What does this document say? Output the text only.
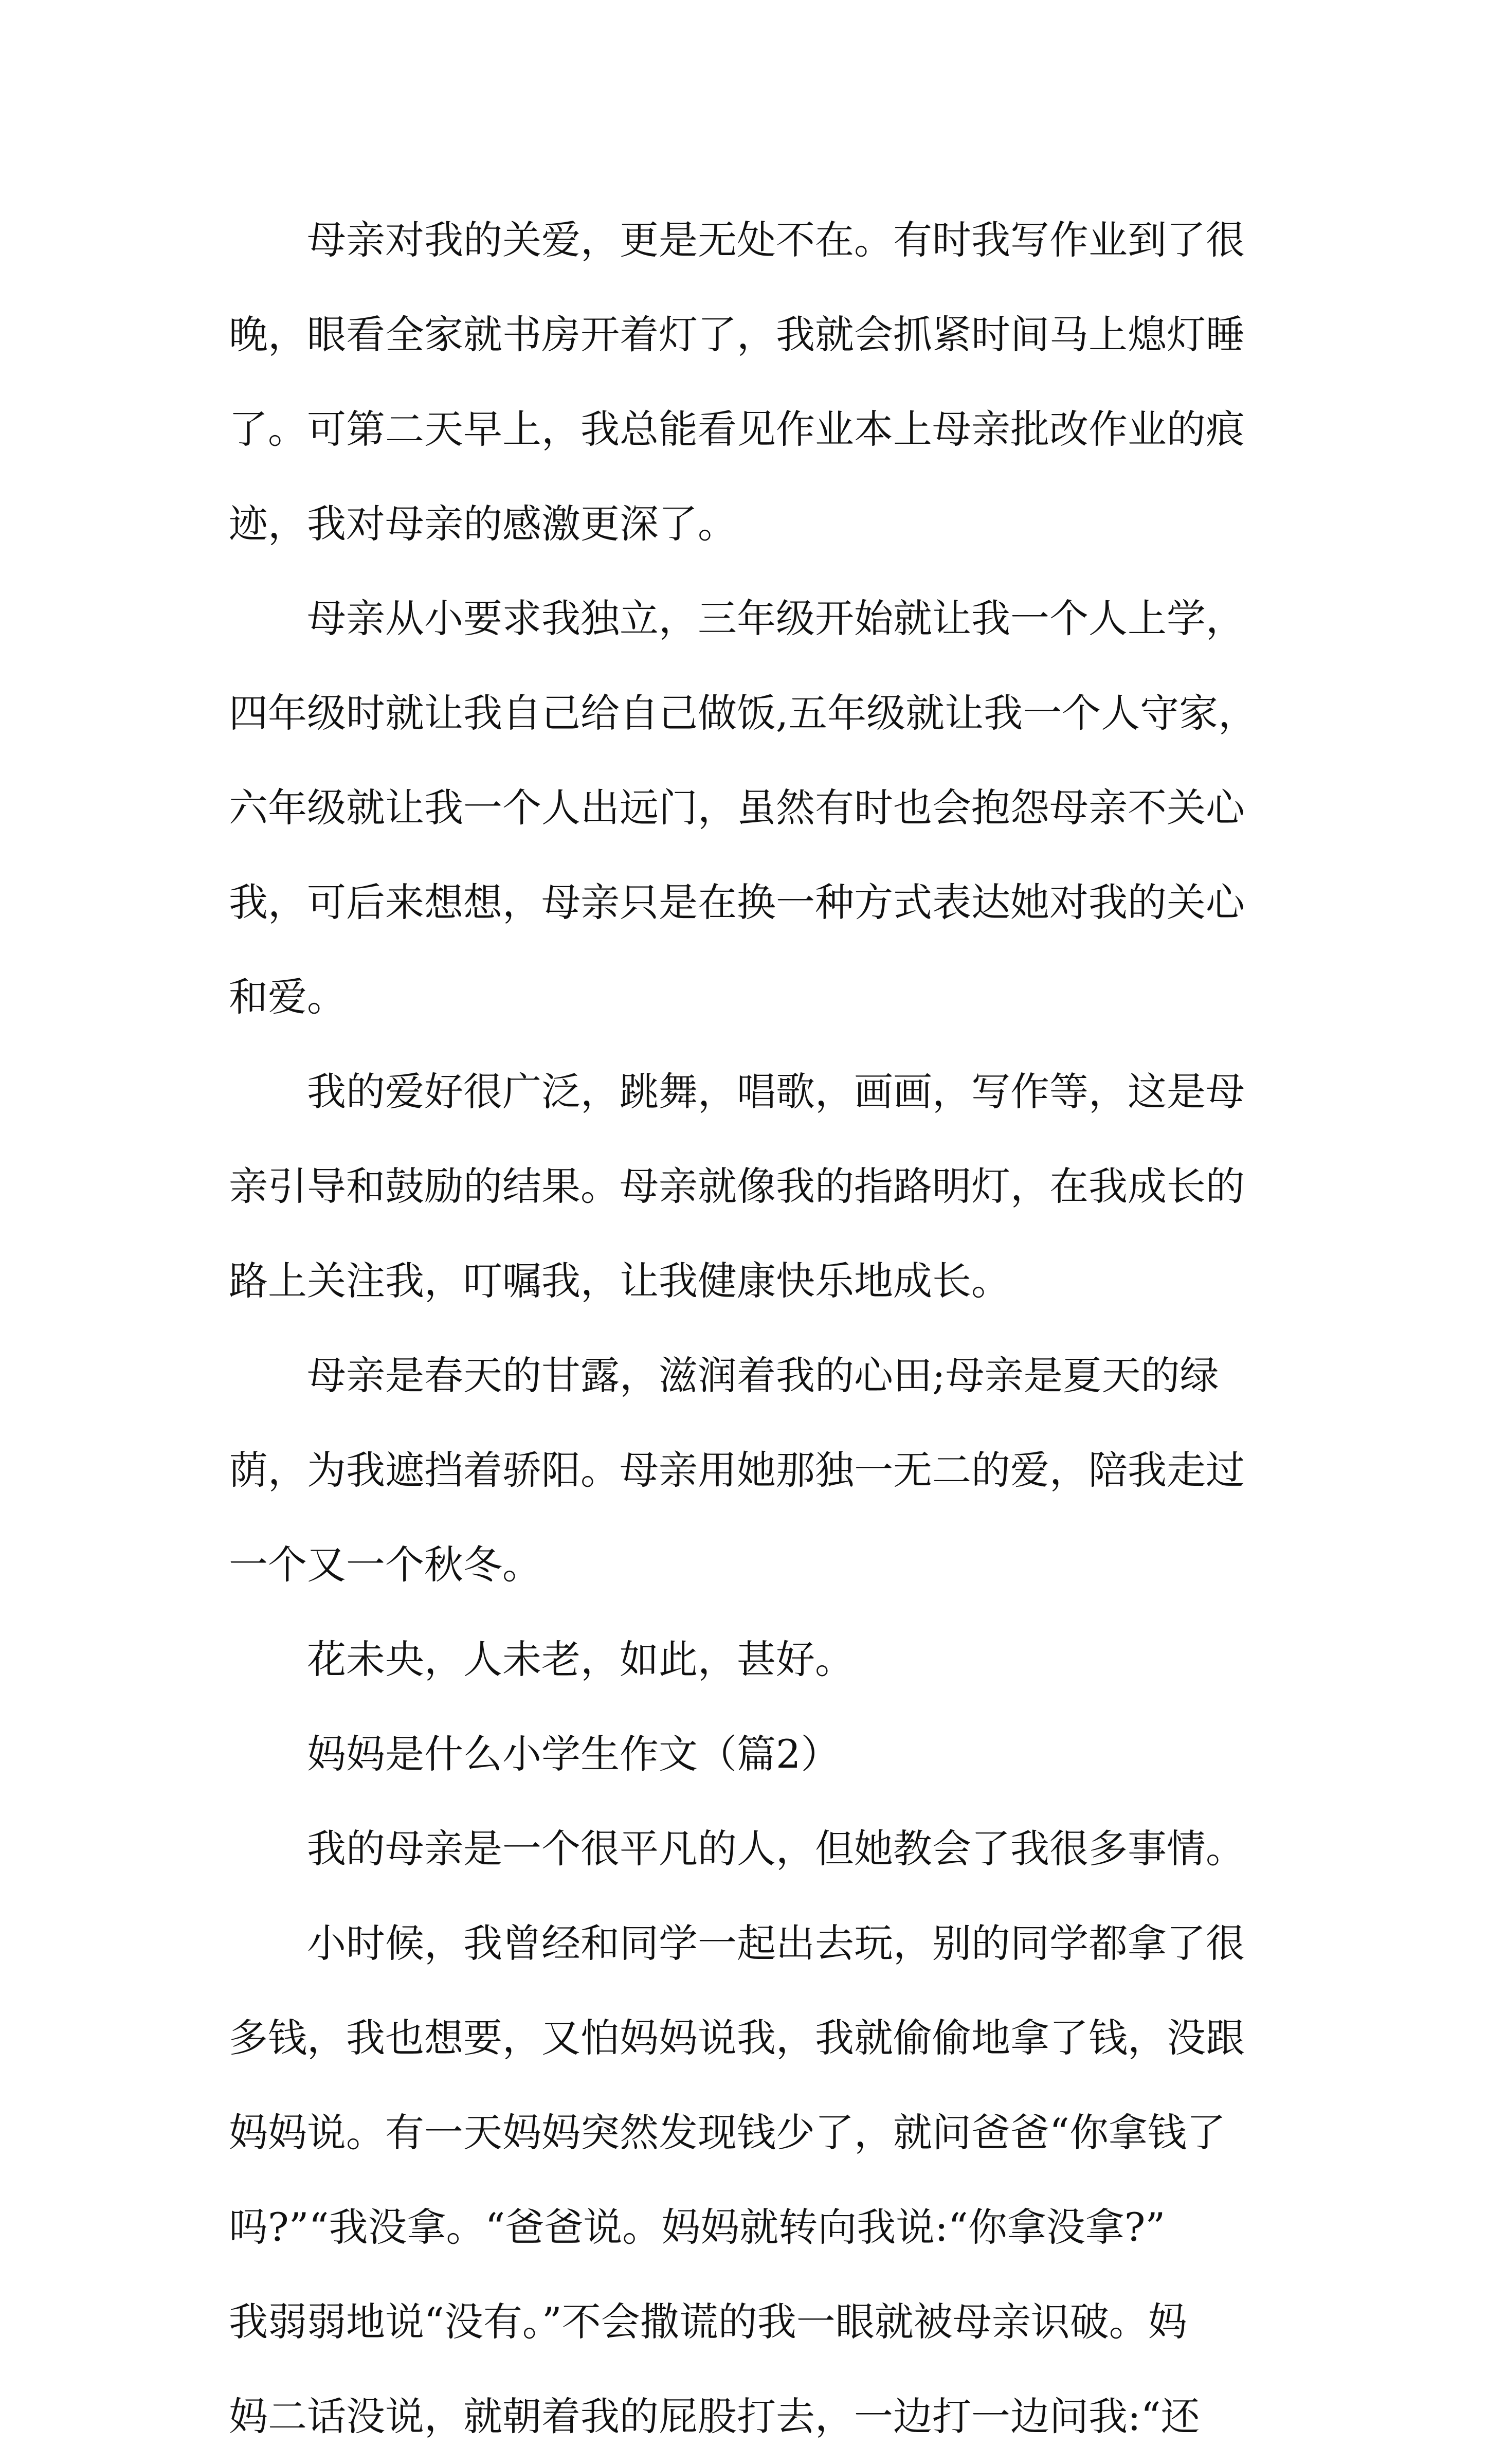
母亲对我的关爱，更是无处不在。有时我写作业到了很
晚，眼看全家就书房开着灯了，我就会抓紧时间马上熄灯睡
了。可第二天早上，我总能看见作业本上母亲批改作业的痕
迹，我对母亲的感激更深了。
母亲从小要求我独立，三年级开始就让我一个人上学，
四年级时就让我自己给自己做饭,五年级就让我一个人守家，
六年级就让我一个人出远门，虽然有时也会抱怨母亲不关心
我，可后来想想，母亲只是在换一种方式表达她对我的关心
和爱。
我的爱好很广泛，跳舞，唱歌，画画，写作等，这是母
亲引导和鼓励的结果。母亲就像我的指路明灯，在我成长的
路上关注我，叮嘱我，让我健康快乐地成长。
母亲是春天的甘露，滋润着我的心田;母亲是夏天的绿
荫，为我遮挡着骄阳。母亲用她那独一无二的爱，陪我走过
一个又一个秋冬。
花未央，人未老，如此，甚好。
妈妈是什么小学生作文（篇2）
我的母亲是一个很平凡的人，但她教会了我很多事情。
小时候，我曾经和同学一起出去玩，别的同学都拿了很
多钱，我也想要，又怕妈妈说我，我就偷偷地拿了钱，没跟
妈妈说。有一天妈妈突然发现钱少了，就问爸爸“你拿钱了
吗?”“我没拿。“爸爸说。妈妈就转向我说:“你拿没拿?”
我弱弱地说“没有。”不会撒谎的我一眼就被母亲识破。妈
妈二话没说，就朝着我的屁股打去，一边打一边问我:“还
